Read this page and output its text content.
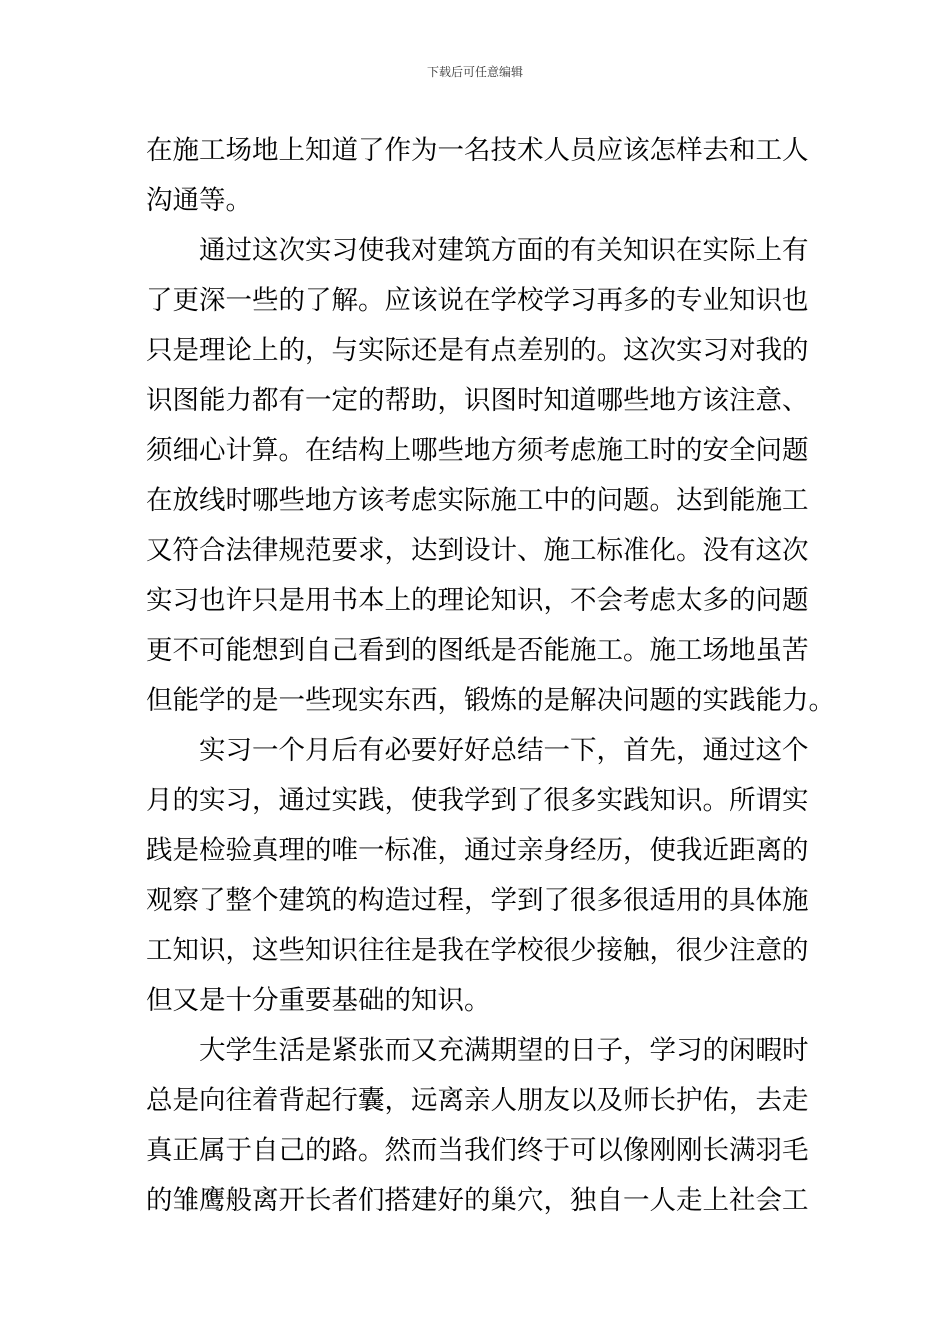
下载后可任意编辑
在施工场地上知道了作为一名技术人员应该怎样去和工人
沟通等。
通过这次实习使我对建筑方面的有关知识在实际上有
了更深一些的了解。应该说在学校学习再多的专业知识也
只是理论上的，与实际还是有点差别的。这次实习对我的
识图能力都有一定的帮助，识图时知道哪些地方该注意、
须细心计算。在结构上哪些地方须考虑施工时的安全问题
在放线时哪些地方该考虑实际施工中的问题。达到能施工
又符合法律规范要求，达到设计、施工标准化。没有这次
实习也许只是用书本上的理论知识，不会考虑太多的问题
更不可能想到自己看到的图纸是否能施工。施工场地虽苦
但能学的是一些现实东西，锻炼的是解决问题的实践能力。
实习一个月后有必要好好总结一下，首先，通过这个
月的实习，通过实践，使我学到了很多实践知识。所谓实
践是检验真理的唯一标准，通过亲身经历，使我近距离的
观察了整个建筑的构造过程，学到了很多很适用的具体施
工知识，这些知识往往是我在学校很少接触，很少注意的
但又是十分重要基础的知识。
大学生活是紧张而又充满期望的日子，学习的闲暇时
总是向往着背起行囊，远离亲人朋友以及师长护佑，去走
真正属于自己的路。然而当我们终于可以像刚刚长满羽毛
的雏鹰般离开长者们搭建好的巢穴，独自一人走上社会工
